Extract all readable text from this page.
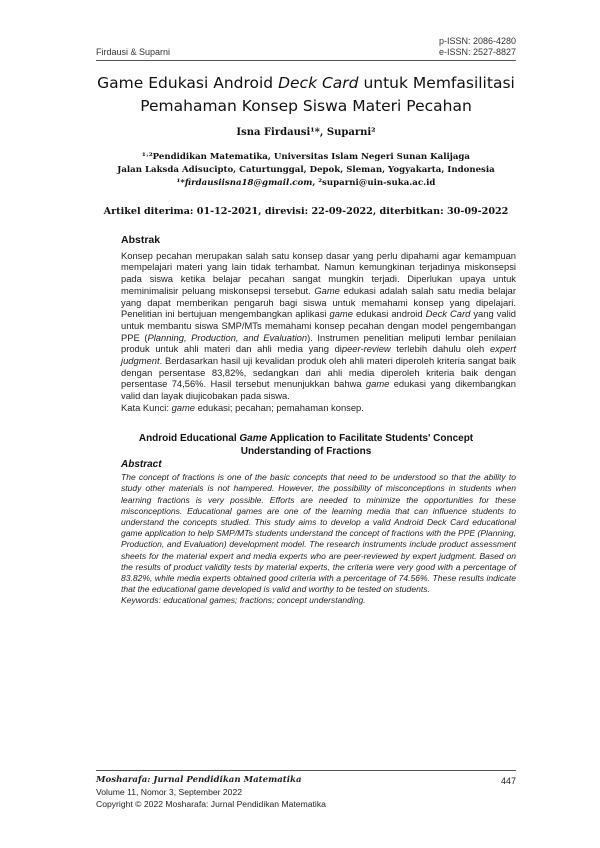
p-ISSN: 2086-4280
e-ISSN: 2527-8827
Firdausi & Suparni
Game Edukasi Android Deck Card untuk Memfasilitasi
Pemahaman Konsep Siswa Materi Pecahan
Isna Firdausi¹*, Suparni²
¹˒²Pendidikan Matematika, Universitas Islam Negeri Sunan Kalijaga
Jalan Laksda Adisucipto, Caturtunggal, Depok, Sleman, Yogyakarta, Indonesia
¹*firdausiisna18@gmail.com, ²suparni@uin-suka.ac.id
Artikel diterima: 01-12-2021, direvisi: 22-09-2022, diterbitkan: 30-09-2022
Abstrak

Konsep pecahan merupakan salah satu konsep dasar yang perlu dipahami agar kemampuan mempelajari materi yang lain tidak terhambat. Namun kemungkinan terjadinya miskonsepsi pada siswa ketika belajar pecahan sangat mungkin terjadi. Diperlukan upaya untuk meminimalisir peluang miskonsepsi tersebut. Game edukasi adalah salah satu media belajar yang dapat memberikan pengaruh bagi siswa untuk memahami konsep yang dipelajari. Penelitian ini bertujuan mengembangkan aplikasi game edukasi android Deck Card yang valid untuk membantu siswa SMP/MTs memahami konsep pecahan dengan model pengembangan PPE (Planning, Production, and Evaluation). Instrumen penelitian meliputi lembar penilaian produk untuk ahli materi dan ahli media yang dipeer-review terlebih dahulu oleh expert judgment. Berdasarkan hasil uji kevalidan produk oleh ahli materi diperoleh kriteria sangat baik dengan persentase 83,82%, sedangkan dari ahli media diperoleh kriteria baik dengan persentase 74,56%. Hasil tersebut menunjukkan bahwa game edukasi yang dikembangkan valid dan layak diujicobakan pada siswa.

Kata Kunci: game edukasi; pecahan; pemahaman konsep.

Android Educational Game Application to Facilitate Students' Concept
Understanding of Fractions
Abstract

The concept of fractions is one of the basic concepts that need to be understood so that the ability to study other materials is not hampered. However, the possibility of misconceptions in students when learning fractions is very possible. Efforts are needed to minimize the opportunities for these misconceptions. Educational games are one of the learning media that can influence students to understand the concepts studied. This study aims to develop a valid Android Deck Card educational game application to help SMP/MTs students understand the concept of fractions with the PPE (Planning, Production, and Evaluation) development model. The research instruments include product assessment sheets for the material expert and media experts who are peer-reviewed by expert judgment. Based on the results of product validity tests by material experts, the criteria were very good with a percentage of 83.82%, while media experts obtained good criteria with a percentage of 74.56%. These results indicate that the educational game developed is valid and worthy to be tested on students.

Keywords: educational games; fractions; concept understanding.

Mosharafa: Jurnal Pendidikan Matematika
Volume 11, Nomor 3, September 2022
Copyright © 2022 Mosharafa: Jurnal Pendidikan Matematika
447
